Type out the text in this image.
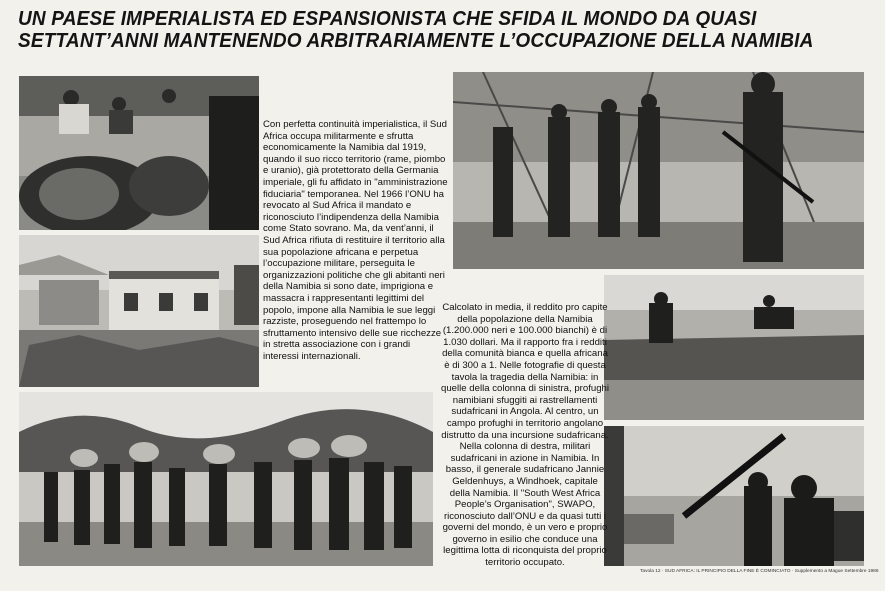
UN PAESE IMPERIALISTA ED ESPANSIONISTA CHE SFIDA IL MONDO DA QUASI
SETTANT’ANNI MANTENENDO ARBITRARIAMENTE L’OCCUPAZIONE DELLA NAMIBIA
Con perfetta continuità imperialistica, il Sud Africa occupa militarmente e sfrutta economicamente la Namibia dal 1919, quando il suo ricco territorio (rame, piombo e uranio), già protettorato della Germania imperiale, gli fu affidato in "amministrazione fiduciaria" temporanea. Nel 1966 l’ONU ha revocato al Sud Africa il mandato e riconosciuto l’indipendenza della Namibia come Stato sovrano. Ma, da vent’anni, il Sud Africa rifiuta di restituire il territorio alla sua popolazione africana e perpetua l’occupazione militare, perseguita le organizzazioni politiche che gli abitanti neri della Namibia si sono date, imprigiona e massacra i rappresentanti legittimi del popolo, impone alla Namibia le sue leggi razziste, proseguendo nel frattempo lo sfruttamento intensivo delle sue ricchezze in stretta associazione con i grandi interessi internazionali.
Calcolato in media, il reddito pro capite della popolazione della Namibia (1.200.000 neri e 100.000 bianchi) è di 1.030 dollari. Ma il rapporto fra i redditi della comunità bianca e quella africana è di 300 a 1. Nelle fotografie di questa tavola la tragedia della Namibia: in quelle della colonna di sinistra, profughi namibiani sfuggiti ai rastrellamenti sudafricani in Angola. Al centro, un campo profughi in territorio angolano distrutto da una incursione sudafricana. Nella colonna di destra, militari sudafricani in azione in Namibia. In basso, il generale sudafricano Jannie Geldenhuys, a Windhoek, capitale della Namibia. Il "South West Africa People’s Organisation", SWAPO, riconosciuto dall’ONU e da quasi tutti i governi del mondo, è un vero e proprio governo in esilio che conduce una legittima lotta di riconquista del proprio territorio occupato.
Tavola 12 · SUD AFRICA: IL PRINCIPIO DELLA FINE È COMINCIATO · Supplemento a Mague Settembre 1986
